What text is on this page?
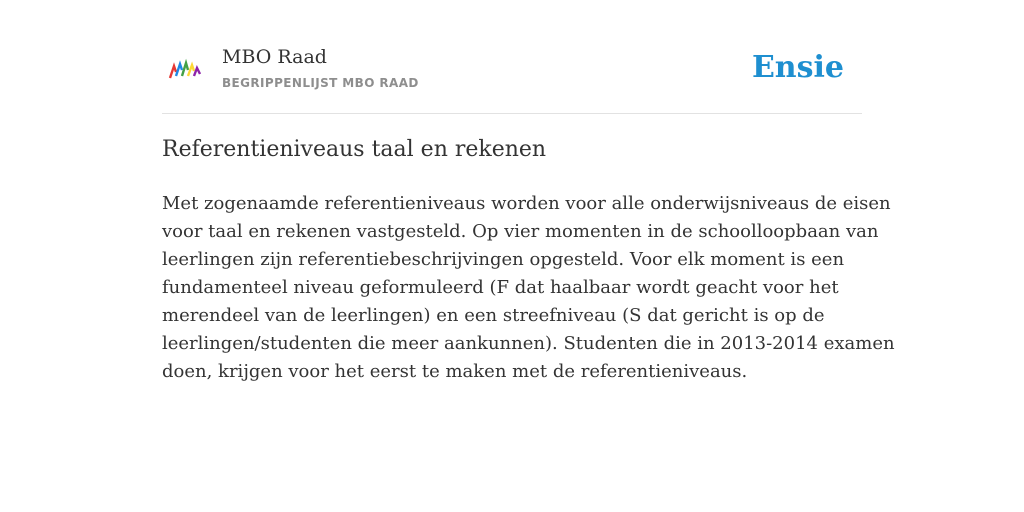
MBO Raad
BEGRIPPENLIJST MBO RAAD	Ensie
Referentieniveaus taal en rekenen

Met zogenaamde referentieniveaus worden voor alle onderwijsniveaus de eisen
voor taal en rekenen vastgesteld. Op vier momenten in de schoolloopbaan van
leerlingen zijn referentiebeschrijvingen opgesteld. Voor elk moment is een
fundamenteel niveau geformuleerd (F dat haalbaar wordt geacht voor het
merendeel van de leerlingen) en een streefniveau (S dat gericht is op de
leerlingen/studenten die meer aankunnen). Studenten die in 2013-2014 examen
doen, krijgen voor het eerst te maken met de referentieniveaus.
